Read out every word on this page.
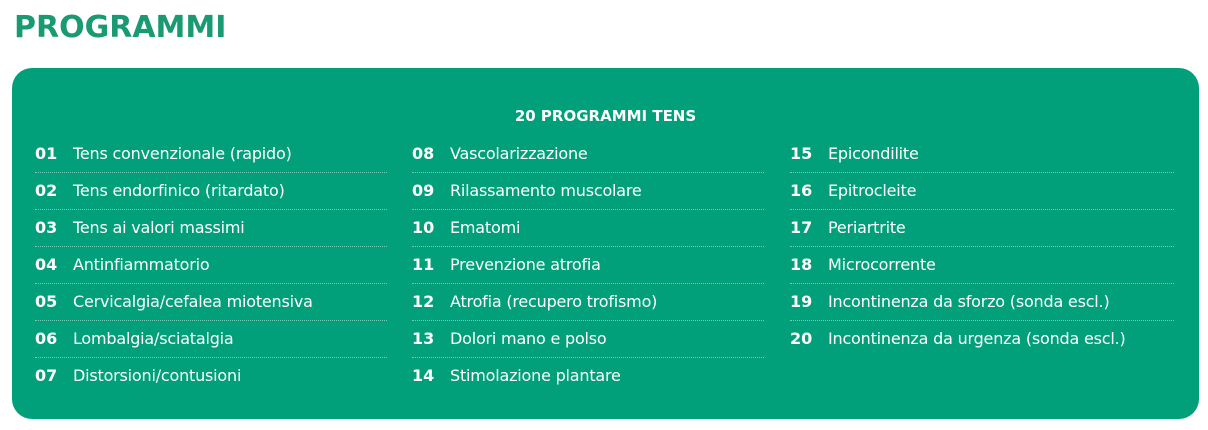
PROGRAMMI
20 PROGRAMMI TENS
01 Tens convenzionale (rapido)
02 Tens endorfinico (ritardato)
03 Tens ai valori massimi
04 Antinfiammatorio
05 Cervicalgia/cefalea miotensiva
06 Lombalgia/sciatalgia
07 Distorsioni/contusioni
08 Vascolarizzazione
09 Rilassamento muscolare
10 Ematomi
11 Prevenzione atrofia
12 Atrofia (recupero trofismo)
13 Dolori mano e polso
14 Stimolazione plantare
15 Epicondilite
16 Epitrocleite
17 Periartrite
18 Microcorrente
19 Incontinenza da sforzo (sonda escl.)
20 Incontinenza da urgenza (sonda escl.)
